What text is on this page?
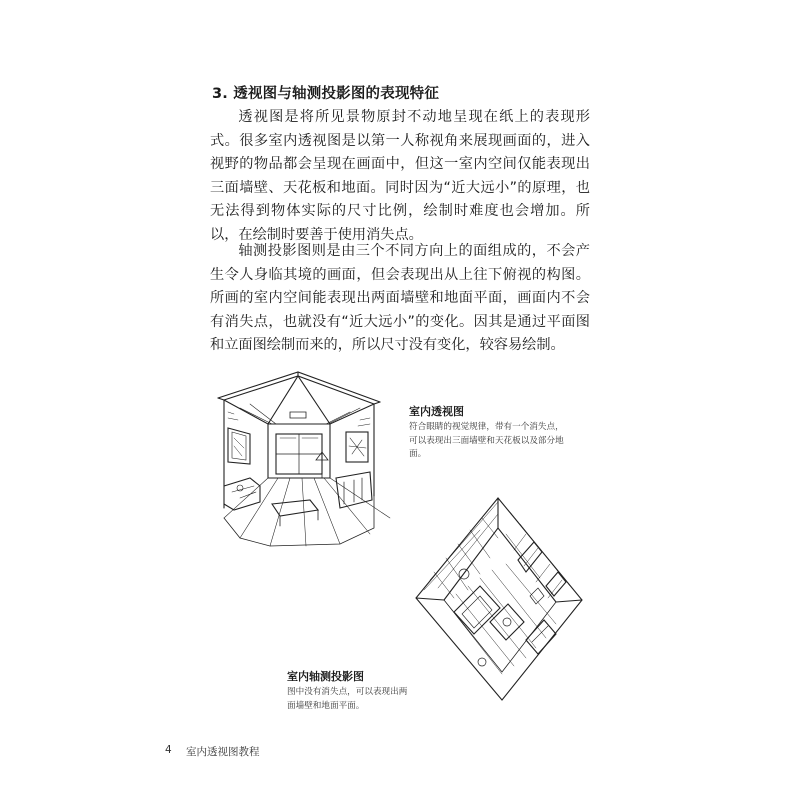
3. 透视图与轴测投影图的表现特征

透视图是将所见景物原封不动地呈现在纸上的表现形式。很多室内透视图是以第一人称视角来展现画面的，进入视野的物品都会呈现在画面中，但这一室内空间仅能表现出三面墙壁、天花板和地面。同时因为“近大远小”的原理，也无法得到物体实际的尺寸比例，绘制时难度也会增加。所以，在绘制时要善于使用消失点。

轴测投影图则是由三个不同方向上的面组成的，不会产生令人身临其境的画面，但会表现出从上往下俯视的构图。所画的室内空间能表现出两面墙壁和地面平面，画面内不会有消失点，也就没有“近大远小”的变化。因其是通过平面图和立面图绘制而来的，所以尺寸没有变化，较容易绘制。

室内透视图
符合眼睛的视觉规律，带有一个消失点，可以表现出三面墙壁和天花板以及部分地面。
室内轴测投影图
图中没有消失点，可以表现出两面墙壁和地面平面。
4 室内透视图教程
